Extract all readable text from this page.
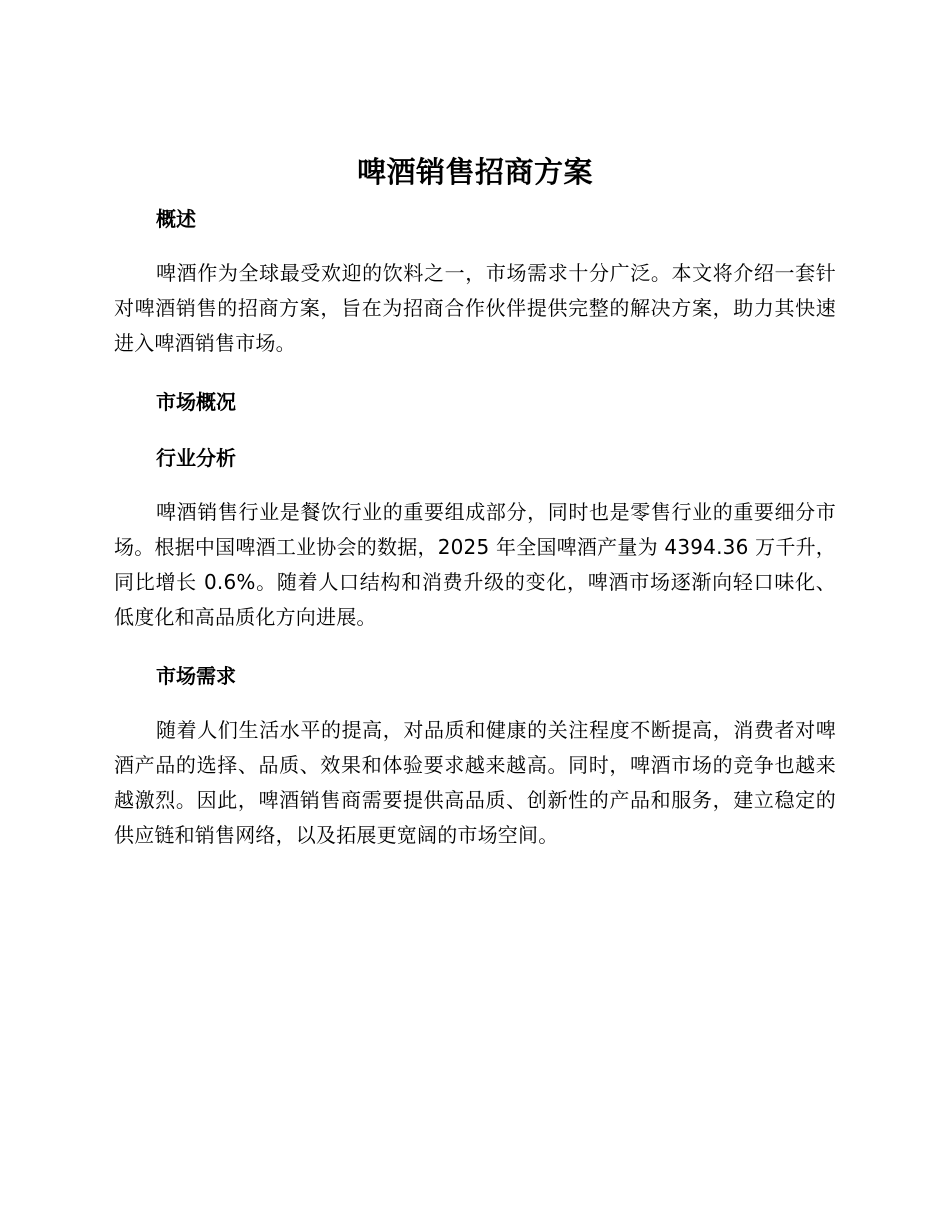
啤酒销售招商方案
概述

啤酒作为全球最受欢迎的饮料之一，市场需求十分广泛。本文将介绍一套针对啤酒销售的招商方案，旨在为招商合作伙伴提供完整的解决方案，助力其快速进入啤酒销售市场。

市场概况
行业分析

啤酒销售行业是餐饮行业的重要组成部分，同时也是零售行业的重要细分市场。根据中国啤酒工业协会的数据，2025 年全国啤酒产量为 4394.36 万千升，同比增长 0.6%。随着人口结构和消费升级的变化，啤酒市场逐渐向轻口味化、低度化和高品质化方向进展。

市场需求

随着人们生活水平的提高，对品质和健康的关注程度不断提高，消费者对啤酒产品的选择、品质、效果和体验要求越来越高。同时，啤酒市场的竞争也越来越激烈。因此，啤酒销售商需要提供高品质、创新性的产品和服务，建立稳定的供应链和销售网络，以及拓展更宽阔的市场空间。
